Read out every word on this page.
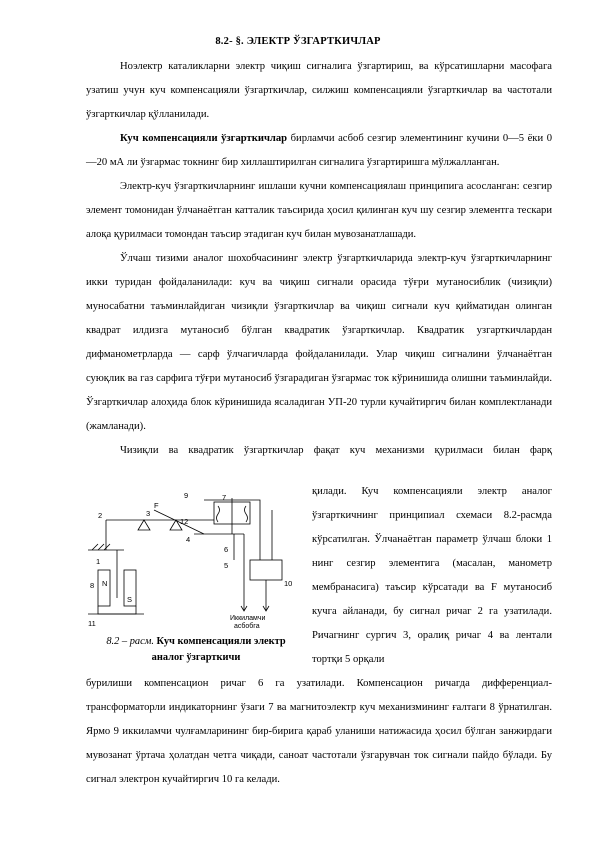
8.2- §. ЭЛЕКТР ЎЗГАРТКИЧЛАР

Ноэлектр каталикларни электр чиқиш сигналига ўзгартириш, ва кўрсатишларни масофага узатиш учун куч компенсацияли ўзгарткичлар, силжиш компенсацияли ўзгарткичлар ва частотали ўзгарткичлар қўлланилади.

Куч компенсацияли ўзгарткичлар бирламчи асбоб сезгир элементининг кучини 0—5 ёки 0—20 мА ли ўзгармас токнинг бир хиллаштирилган сигналига ўзгартиришга мўлжалланган.

Электр-куч ўзгарткичларнинг ишлаши кучни компенсациялаш принципига асосланган: сезгир элемент томонидан ўлчанаётган катталик таъсирида ҳосил қилинган куч шу сезгир элементга тескари алоқа қурилмаси томондан таъсир этадиган куч билан мувозанатлашади.

Ўлчаш тизими аналог шохобчасининг электр ўзгарткичларида электр-куч ўзгарткичларнинг икки туридан фойдаланилади: куч ва чиқиш сигнали орасида тўғри мутаносиблик (чизиқли) муносабатни таъминлайдиган чизиқли ўзгарткичлар ва чиқиш сигнали куч қийматидан олинган квадрат илдизга мутаносиб бўлган квадратик ўзгарткичлар. Квадратик узгарткичлардан дифманометрларда — сарф ўлчагичларда фойдаланилади. Улар чиқиш сигналини ўлчанаётган суюқлик ва газ сарфига тўғри мутаносиб ўзгарадиган ўзгармас ток кўринишида олишни таъминлайди. Ўзгарткичлар алоҳида блок кўринишида ясаладиган УП-20 турли кучайтиргич билан комплектланади (жамланади).

Чизиқли ва квадратик ўзгарткичлар фақат куч механизми қурилмаси билан фарқ

1
2	3
4
5
6
7
8
9
10
11
12
N
S
F
Иккиламчи
асбобга
8.2 – расм. Куч компенсацияли электр аналог ўзгарткичи

қилади. Куч компенсацияли электр аналог ўзгарткичнинг принципиал схемаси 8.2-расмда кўрсатилган. Ўлчанаётган параметр ўлчаш блоки 1 нинг сезгир элементига (масалан, манометр мембранасига) таъсир кўрсатади ва F мутаносиб кучга айланади, бу сигнал ричаг 2 га узатилади. Ричагнинг сургич 3, оралиқ ричаг 4 ва лентали тортқи 5 орқали

бурилиши компенсацион ричаг 6 га узатилади. Компенсацион ричагда дифференциал-трансформаторли индикаторнинг ўзаги 7 ва магнитоэлектр куч механизмининг ғалтаги 8 ўрнатилган. Ярмо 9 иккиламчи чулғамларининг бир-бирига қараб уланиши натижасида ҳосил бўлган занжирдаги мувозанат ўртача ҳолатдан четга чиқади, саноат частотали ўзгарувчан ток сигнали пайдо бўлади. Бу сигнал электрон кучайтиргич 10 га келади.
